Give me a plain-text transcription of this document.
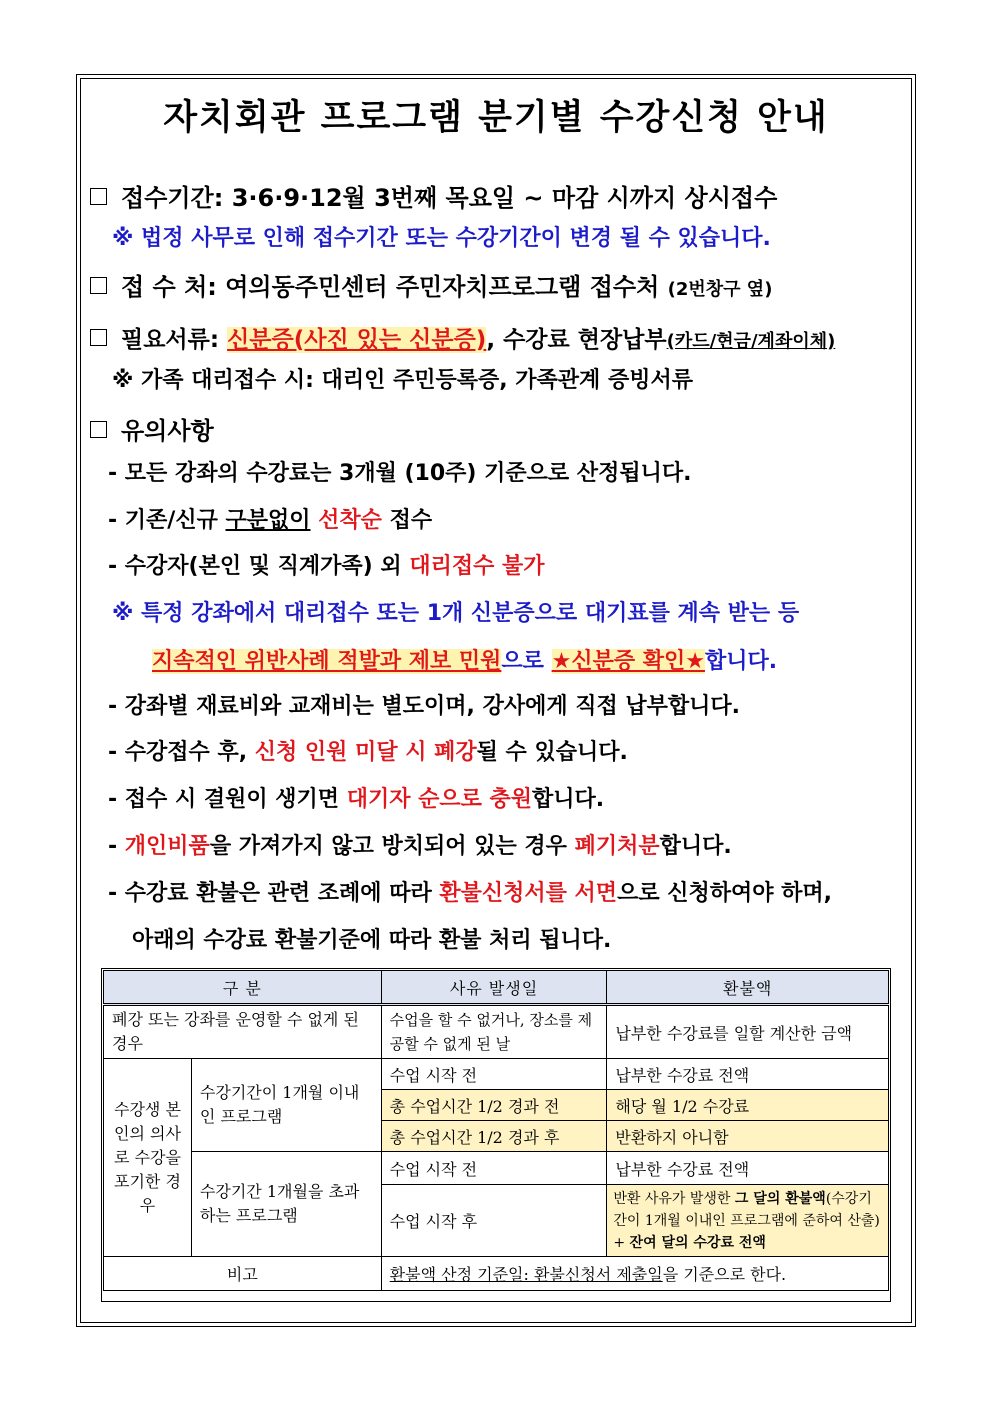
자치회관 프로그램 분기별 수강신청 안내
접수기간: 3·6·9·12월 3번째 목요일 ~ 마감 시까지 상시접수
※ 법정 사무로 인해 접수기간 또는 수강기간이 변경 될 수 있습니다.
접 수 처: 여의동주민센터 주민자치프로그램 접수처 (2번창구 옆)
필요서류: 신분증(사진 있는 신분증), 수강료 현장납부(카드/현금/계좌이체)
※ 가족 대리접수 시: 대리인 주민등록증, 가족관계 증빙서류
유의사항
- 모든 강좌의 수강료는 3개월 (10주) 기준으로 산정됩니다.
- 기존/신규 구분없이 선착순 접수
- 수강자(본인 및 직계가족) 외 대리접수 불가
※ 특정 강좌에서 대리접수 또는 1개 신분증으로 대기표를 계속 받는 등
지속적인 위반사례 적발과 제보 민원으로 ★신분증 확인★합니다.
- 강좌별 재료비와 교재비는 별도이며, 강사에게 직접 납부합니다.
- 수강접수 후, 신청 인원 미달 시 폐강될 수 있습니다.
- 접수 시 결원이 생기면 대기자 순으로 충원합니다.
- 개인비품을 가져가지 않고 방치되어 있는 경우 폐기처분합니다.
- 수강료 환불은 관련 조례에 따라 환불신청서를 서면으로 신청하여야 하며,
아래의 수강료 환불기준에 따라 환불 처리 됩니다.
구 분		사유 발생일	환불액
폐강 또는 강좌를 운영할 수 없게 된 경우		수업을 할 수 없거나, 장소를 제공할 수 없게 된 날	납부한 수강료를 일할 계산한 금액
수강생 본인의 의사로 수강을 포기한 경우	수강기간이 1개월 이내인 프로그램	수업 시작 전	납부한 수강료 전액
		총 수업시간 1/2 경과 전	해당 월 1/2 수강료
		총 수업시간 1/2 경과 후	반환하지 아니함
	수강기간 1개월을 초과하는 프로그램	수업 시작 전	납부한 수강료 전액
		수업 시작 후	반환 사유가 발생한 그 달의 환불액(수강기간이 1개월 이내인 프로그램에 준하여 산출) + 잔여 달의 수강료 전액
비고		환불액 산정 기준일: 환불신청서 제출일을 기준으로 한다.	
